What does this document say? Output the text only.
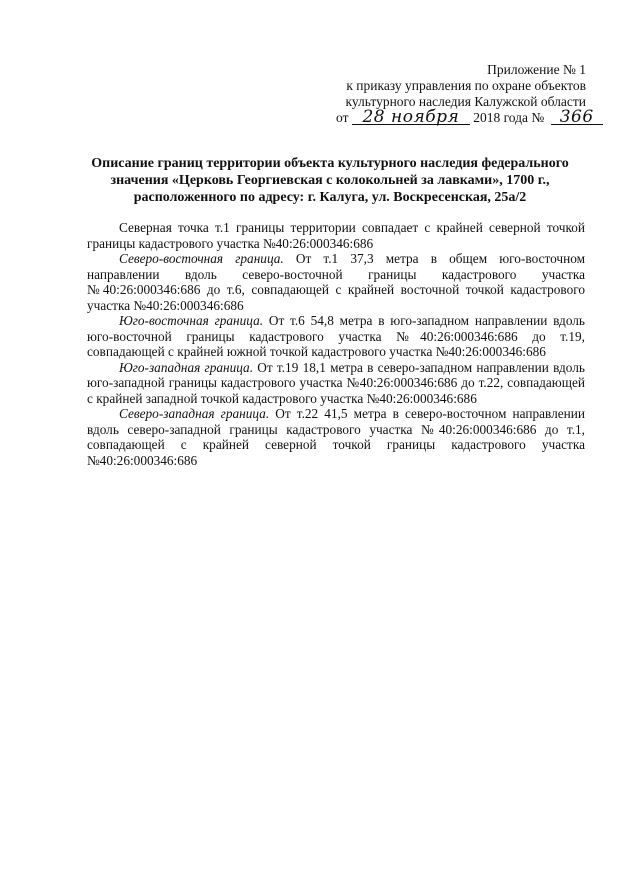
Приложение № 1
к приказу управления по охране объектов
культурного наследия Калужской области
от 28 ноября 2018 года № 366
Описание границ территории объекта культурного наследия федерального
значения «Церковь Георгиевская с колокольней за лавками», 1700 г.,
расположенного по адресу: г. Калуга, ул. Воскресенская, 25а/2

Северная точка т.1 границы территории совпадает с крайней северной точкой границы кадастрового участка №40:26:000346:686

Северо-восточная граница. От т.1 37,3 метра в общем юго-восточном направлении вдоль северо-восточной границы кадастрового участка №40:26:000346:686 до т.6, совпадающей с крайней восточной точкой кадастрового участка №40:26:000346:686

Юго-восточная граница. От т.6 54,8 метра в юго-западном направлении вдоль юго-восточной границы кадастрового участка №40:26:000346:686 до т.19, совпадающей с крайней южной точкой кадастрового участка №40:26:000346:686

Юго-западная граница. От т.19 18,1 метра в северо-западном направлении вдоль юго-западной границы кадастрового участка №40:26:000346:686 до т.22, совпадающей с крайней западной точкой кадастрового участка №40:26:000346:686

Северо-западная граница. От т.22 41,5 метра в северо-восточном направлении вдоль северо-западной границы кадастрового участка №40:26:000346:686 до т.1, совпадающей с крайней северной точкой границы кадастрового участка №40:26:000346:686
